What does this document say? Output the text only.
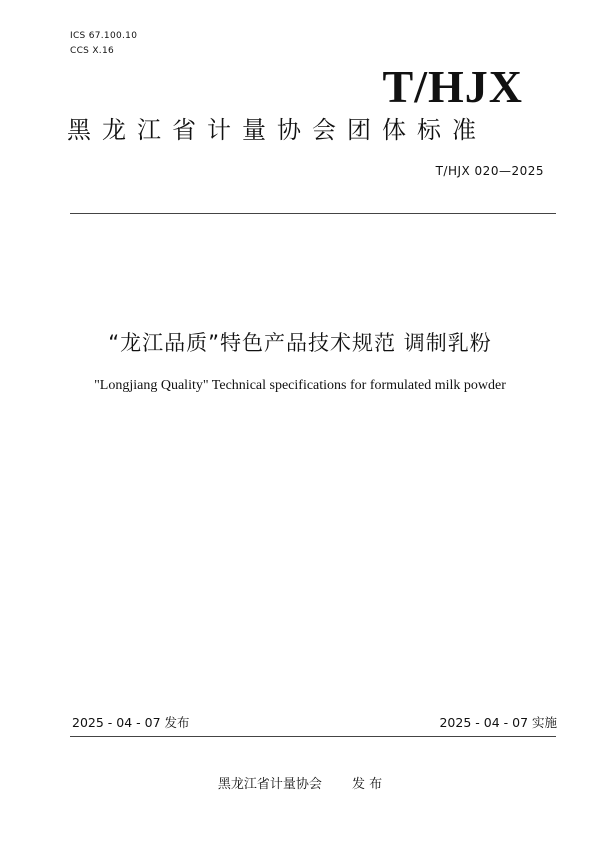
ICS 67.100.10
CCS X.16
T/HJX
黑龙江省计量协会团体标准
T/HJX 020—2025
“龙江品质”特色产品技术规范 调制乳粉
"Longjiang Quality" Technical specifications for formulated milk powder
2025 - 04 - 07 发布	2025 - 04 - 07 实施
黑龙江省计量协会 发 布
